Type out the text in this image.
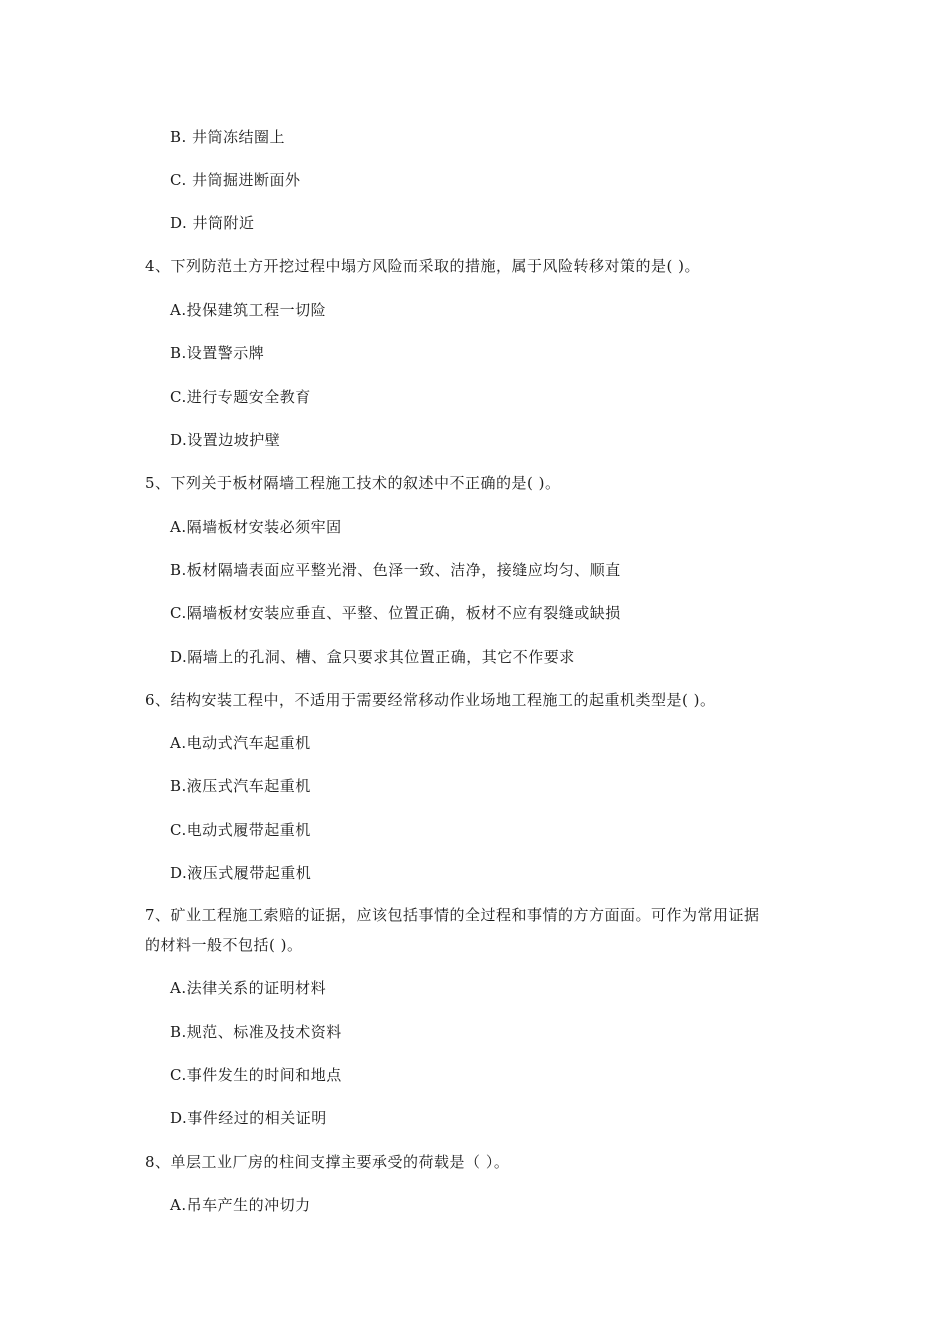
B. 井筒冻结圈上
C. 井筒掘进断面外
D. 井筒附近
4、下列防范土方开挖过程中塌方风险而采取的措施，属于风险转移对策的是( )。
A.投保建筑工程一切险
B.设置警示牌
C.进行专题安全教育
D.设置边坡护壁
5、下列关于板材隔墙工程施工技术的叙述中不正确的是( )。
A.隔墙板材安装必须牢固
B.板材隔墙表面应平整光滑、色泽一致、洁净，接缝应均匀、顺直
C.隔墙板材安装应垂直、平整、位置正确，板材不应有裂缝或缺损
D.隔墙上的孔洞、槽、盒只要求其位置正确，其它不作要求
6、结构安装工程中，不适用于需要经常移动作业场地工程施工的起重机类型是( )。
A.电动式汽车起重机
B.液压式汽车起重机
C.电动式履带起重机
D.液压式履带起重机
7、矿业工程施工索赔的证据，应该包括事情的全过程和事情的方方面面。可作为常用证据
的材料一般不包括( )。
A.法律关系的证明材料
B.规范、标准及技术资料
C.事件发生的时间和地点
D.事件经过的相关证明
8、单层工业厂房的柱间支撑主要承受的荷载是（ ）。
A.吊车产生的冲切力
